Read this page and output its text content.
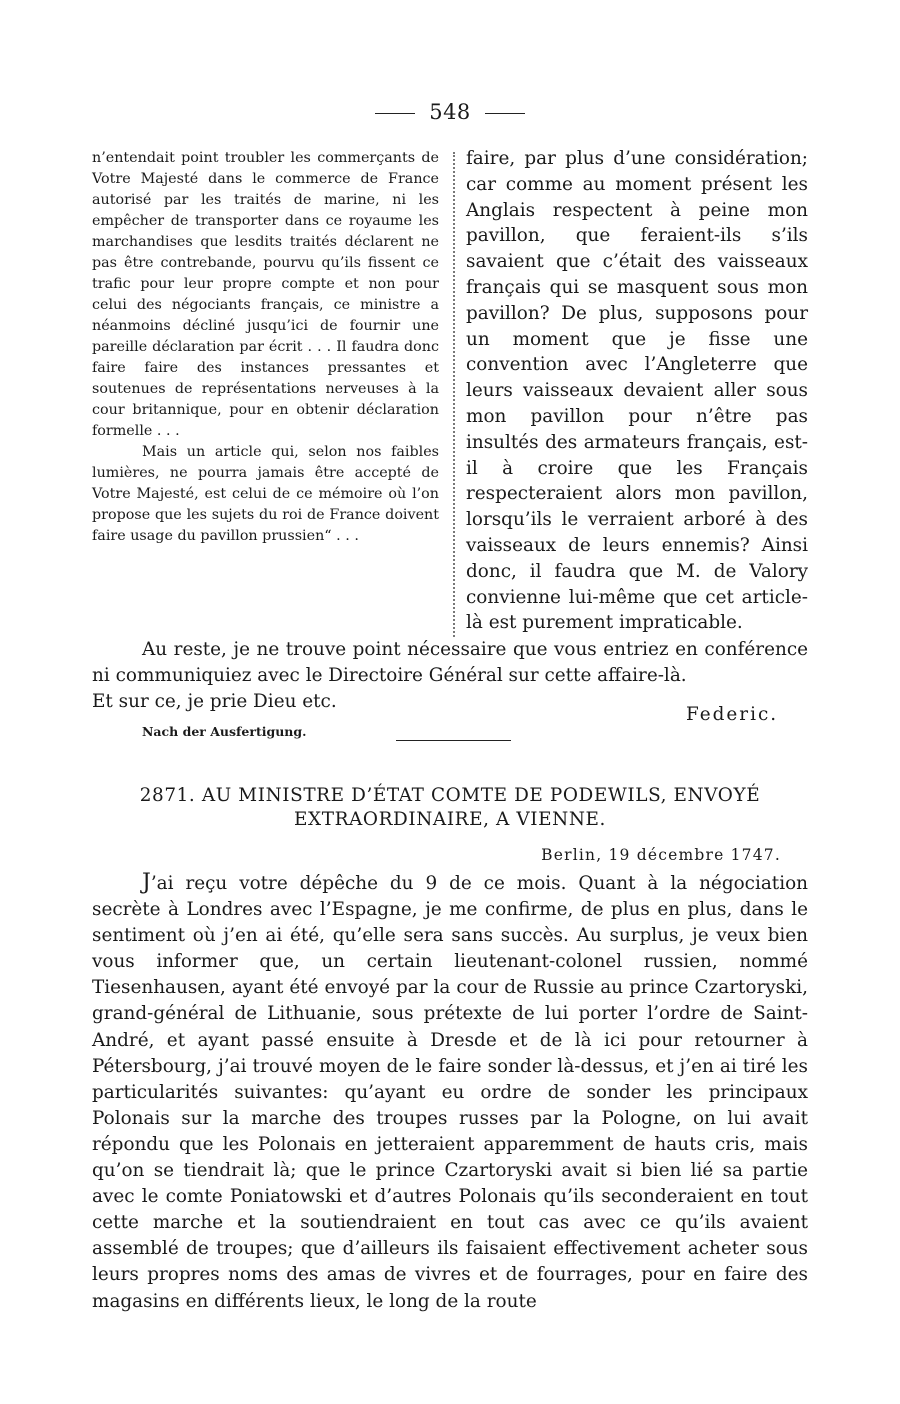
548

n’entendait point troubler les commerçants de Votre Majesté dans le commerce de France autorisé par les traités de marine, ni les empêcher de transporter dans ce royaume les marchandises que lesdits traités déclarent ne pas être contrebande, pourvu qu’ils fissent ce trafic pour leur propre compte et non pour celui des négociants français, ce ministre a néanmoins décliné jusqu’ici de fournir une pareille déclaration par écrit . . . Il faudra donc faire faire des instances pressantes et soutenues de représentations nerveuses à la cour britannique, pour en obtenir déclaration formelle . . .

Mais un article qui, selon nos faibles lumières, ne pourra jamais être accepté de Votre Majesté, est celui de ce mémoire où l’on propose que les sujets du roi de France doivent faire usage du pavillon prussien“ . . .

faire, par plus d’une considération; car comme au moment présent les Anglais respectent à peine mon pavillon, que feraient-ils s’ils savaient que c’était des vaisseaux français qui se masquent sous mon pavillon? De plus, supposons pour un moment que je fisse une convention avec l’Angleterre que leurs vaisseaux devaient aller sous mon pavillon pour n’être pas insultés des armateurs français, est-il à croire que les Français respecteraient alors mon pavillon, lorsqu’ils le verraient arboré à des vaisseaux de leurs ennemis? Ainsi donc, il faudra que M. de Valory convienne lui-même que cet article-là est purement impraticable.

Au reste, je ne trouve point nécessaire que vous entriez en conférence ni communiquiez avec le Directoire Général sur cette affaire-là.

Et sur ce, je prie Dieu etc.

Federic.
Nach der Ausfertigung.
2871. AU MINISTRE D’ÉTAT COMTE DE PODEWILS, ENVOYÉ
EXTRAORDINAIRE, A VIENNE.
Berlin, 19 décembre 1747.

J’ai reçu votre dépêche du 9 de ce mois. Quant à la négociation secrète à Londres avec l’Espagne, je me confirme, de plus en plus, dans le sentiment où j’en ai été, qu’elle sera sans succès. Au surplus, je veux bien vous informer que, un certain lieutenant-colonel russien, nommé Tiesenhausen, ayant été envoyé par la cour de Russie au prince Czartoryski, grand-général de Lithuanie, sous prétexte de lui porter l’ordre de Saint-André, et ayant passé ensuite à Dresde et de là ici pour retourner à Pétersbourg, j’ai trouvé moyen de le faire sonder là-dessus, et j’en ai tiré les particularités suivantes: qu’ayant eu ordre de sonder les principaux Polonais sur la marche des troupes russes par la Pologne, on lui avait répondu que les Polonais en jetteraient apparemment de hauts cris, mais qu’on se tiendrait là; que le prince Czartoryski avait si bien lié sa partie avec le comte Poniatowski et d’autres Polonais qu’ils seconderaient en tout cette marche et la soutiendraient en tout cas avec ce qu’ils avaient assemblé de troupes; que d’ailleurs ils faisaient effectivement acheter sous leurs propres noms des amas de vivres et de fourrages, pour en faire des magasins en différents lieux, le long de la route
